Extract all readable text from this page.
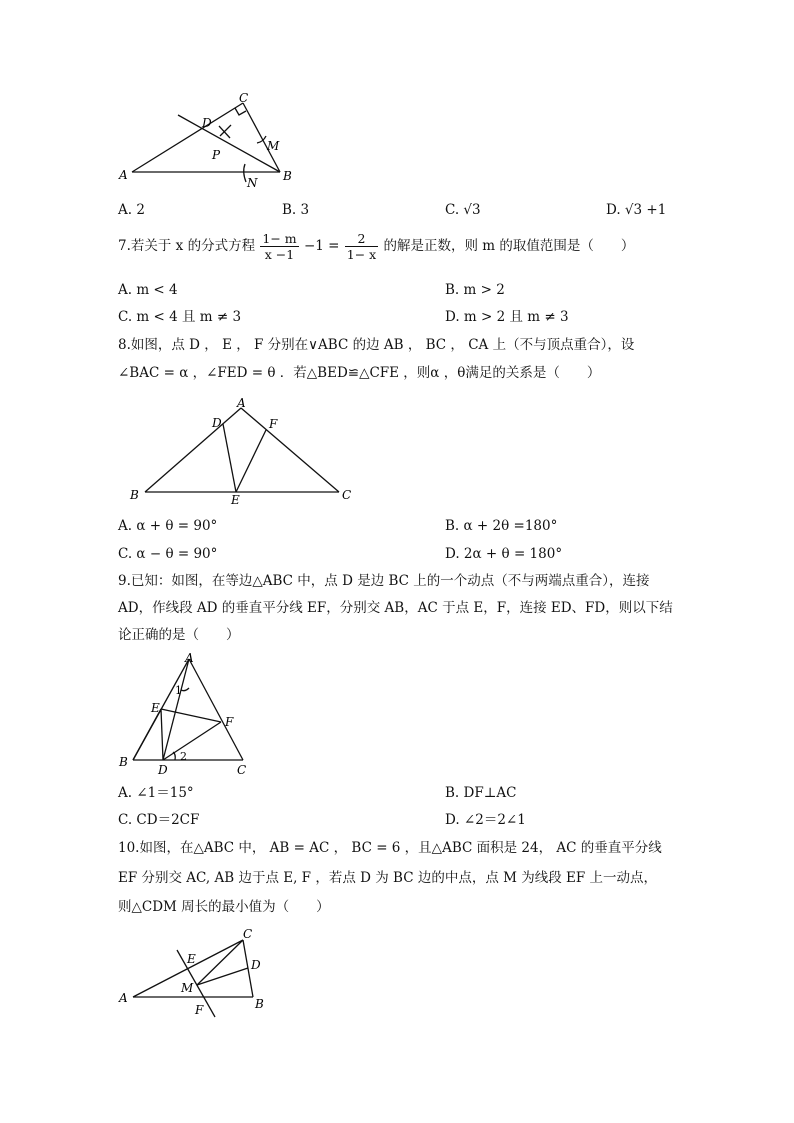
A	B
C
D
P
M
N
A. 2	B. 3	C. √3	D. √3 +1
7.若关于 x 的分式方程 $\frac{1- m}{x -1} -1 = \frac{2}{1- x}$ 的解是正数，则 m 的取值范围是（　　）
A. m < 4	B. m > 2
C. m < 4 且 m ≠ 3	D. m > 2 且 m ≠ 3
8.如图，点 D ， E ， F 分别在∨ABC 的边 AB ， BC ， CA 上（不与顶点重合），设
∠BAC = α ，∠FED = θ ．若△BED≌△CFE ，则α ，θ满足的关系是（　　）
A
B	C
D
E
F
A. α + θ = 90°	B. α + 2θ =180°
C. α − θ = 90°	D. 2α + θ = 180°
9.已知：如图，在等边△ABC 中，点 D 是边 BC 上的一个动点（不与两端点重合），连接
AD，作线段 AD 的垂直平分线 EF，分别交 AB，AC 于点 E，F，连接 ED、FD，则以下结
论正确的是（　　）
A
B
C
D
E
F
1
2
A. ∠1＝15°	B. DF⊥AC
C. CD＝2CF	D. ∠2＝2∠1
10.如图，在△ABC 中， AB = AC ， BC = 6 ，且△ABC 面积是 24， AC 的垂直平分线
EF 分别交 AC, AB 边于点 E, F ，若点 D 为 BC 边的中点，点 M 为线段 EF 上一动点，
则△CDM 周长的最小值为（　　）
A	B
C
D
E
F
M
